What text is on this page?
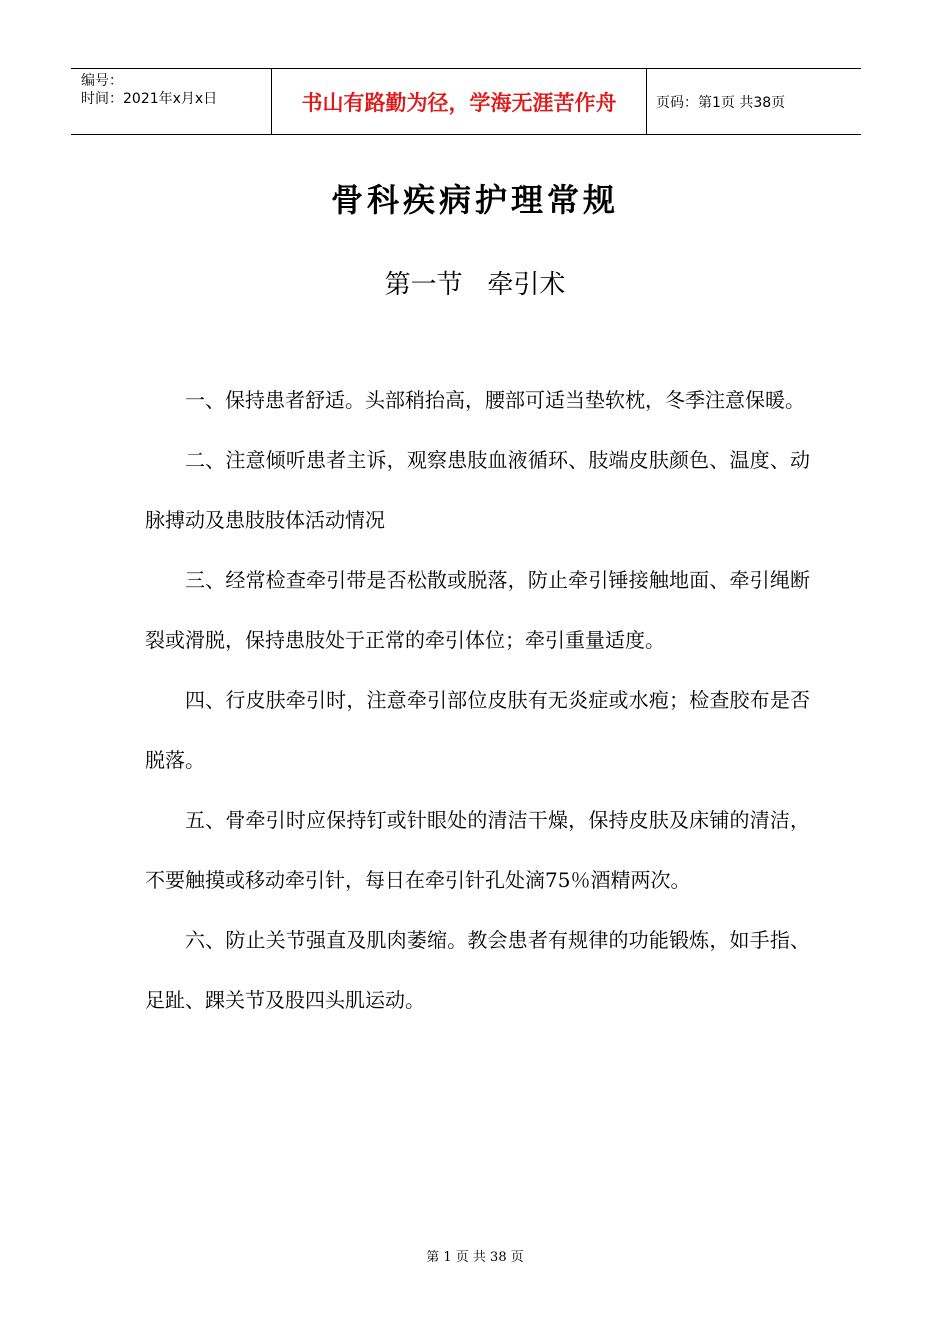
编号：
时间：2021年x月x日	书山有路勤为径，学海无涯苦作舟	页码：第1页 共38页
骨科疾病护理常规
第一节   牵引术

一、保持患者舒适。头部稍抬高，腰部可适当垫软枕，冬季注意保暖。

二、注意倾听患者主诉，观察患肢血液循环、肢端皮肤颜色、温度、动脉搏动及患肢肢体活动情况

三、经常检查牵引带是否松散或脱落，防止牵引锤接触地面、牵引绳断裂或滑脱，保持患肢处于正常的牵引体位；牵引重量适度。

四、行皮肤牵引时，注意牵引部位皮肤有无炎症或水疱；检查胶布是否脱落。

五、骨牵引时应保持钉或针眼处的清洁干燥，保持皮肤及床铺的清洁，不要触摸或移动牵引针，每日在牵引针孔处滴75％酒精两次。

六、防止关节强直及肌肉萎缩。教会患者有规律的功能锻炼，如手指、足趾、踝关节及股四头肌运动。

第 1 页 共 38 页
